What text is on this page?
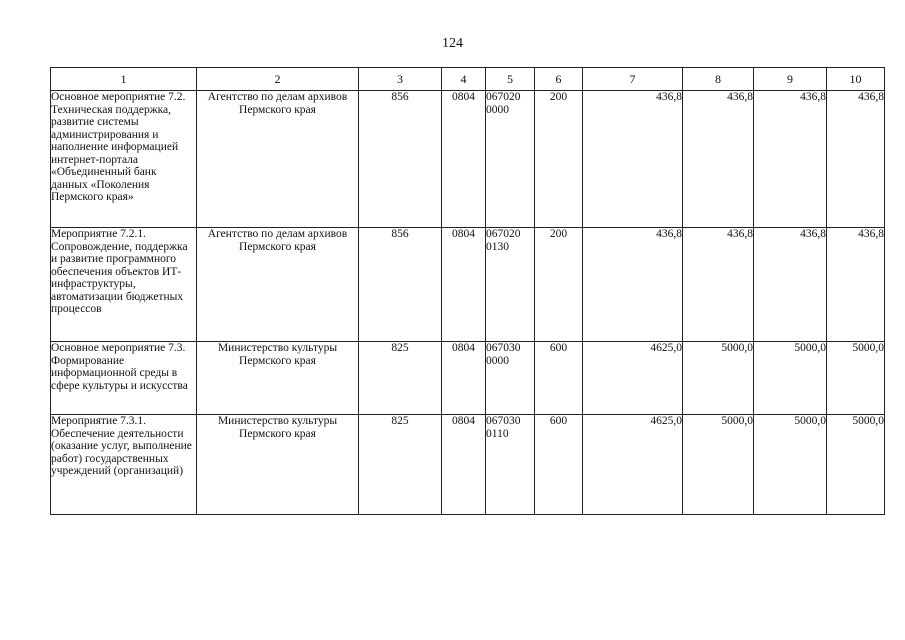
124
1	2	3	4	5	6	7	8	9	10
Основное мероприятие 7.2. Техническая поддержка, развитие системы администрирования и наполнение информацией интернет-портала «Объединенный банк данных «Поколения Пермского края»	Агентство по делам архивов Пермского края	856	0804	067020 0000	200	436,8	436,8	436,8	436,8
Мероприятие 7.2.1. Сопровождение, поддержка и развитие программного обеспечения объектов ИТ-инфраструктуры, автоматизации бюджетных процессов	Агентство по делам архивов Пермского края	856	0804	067020 0130	200	436,8	436,8	436,8	436,8
Основное мероприятие 7.3. Формирование информационной среды в сфере культуры и искусства	Министерство культуры Пермского края	825	0804	067030 0000	600	4625,0	5000,0	5000,0	5000,0
Мероприятие 7.3.1. Обеспечение деятельности (оказание услуг, выполнение работ) государственных учреждений (организаций)	Министерство культуры Пермского края	825	0804	067030 0110	600	4625,0	5000,0	5000,0	5000,0
